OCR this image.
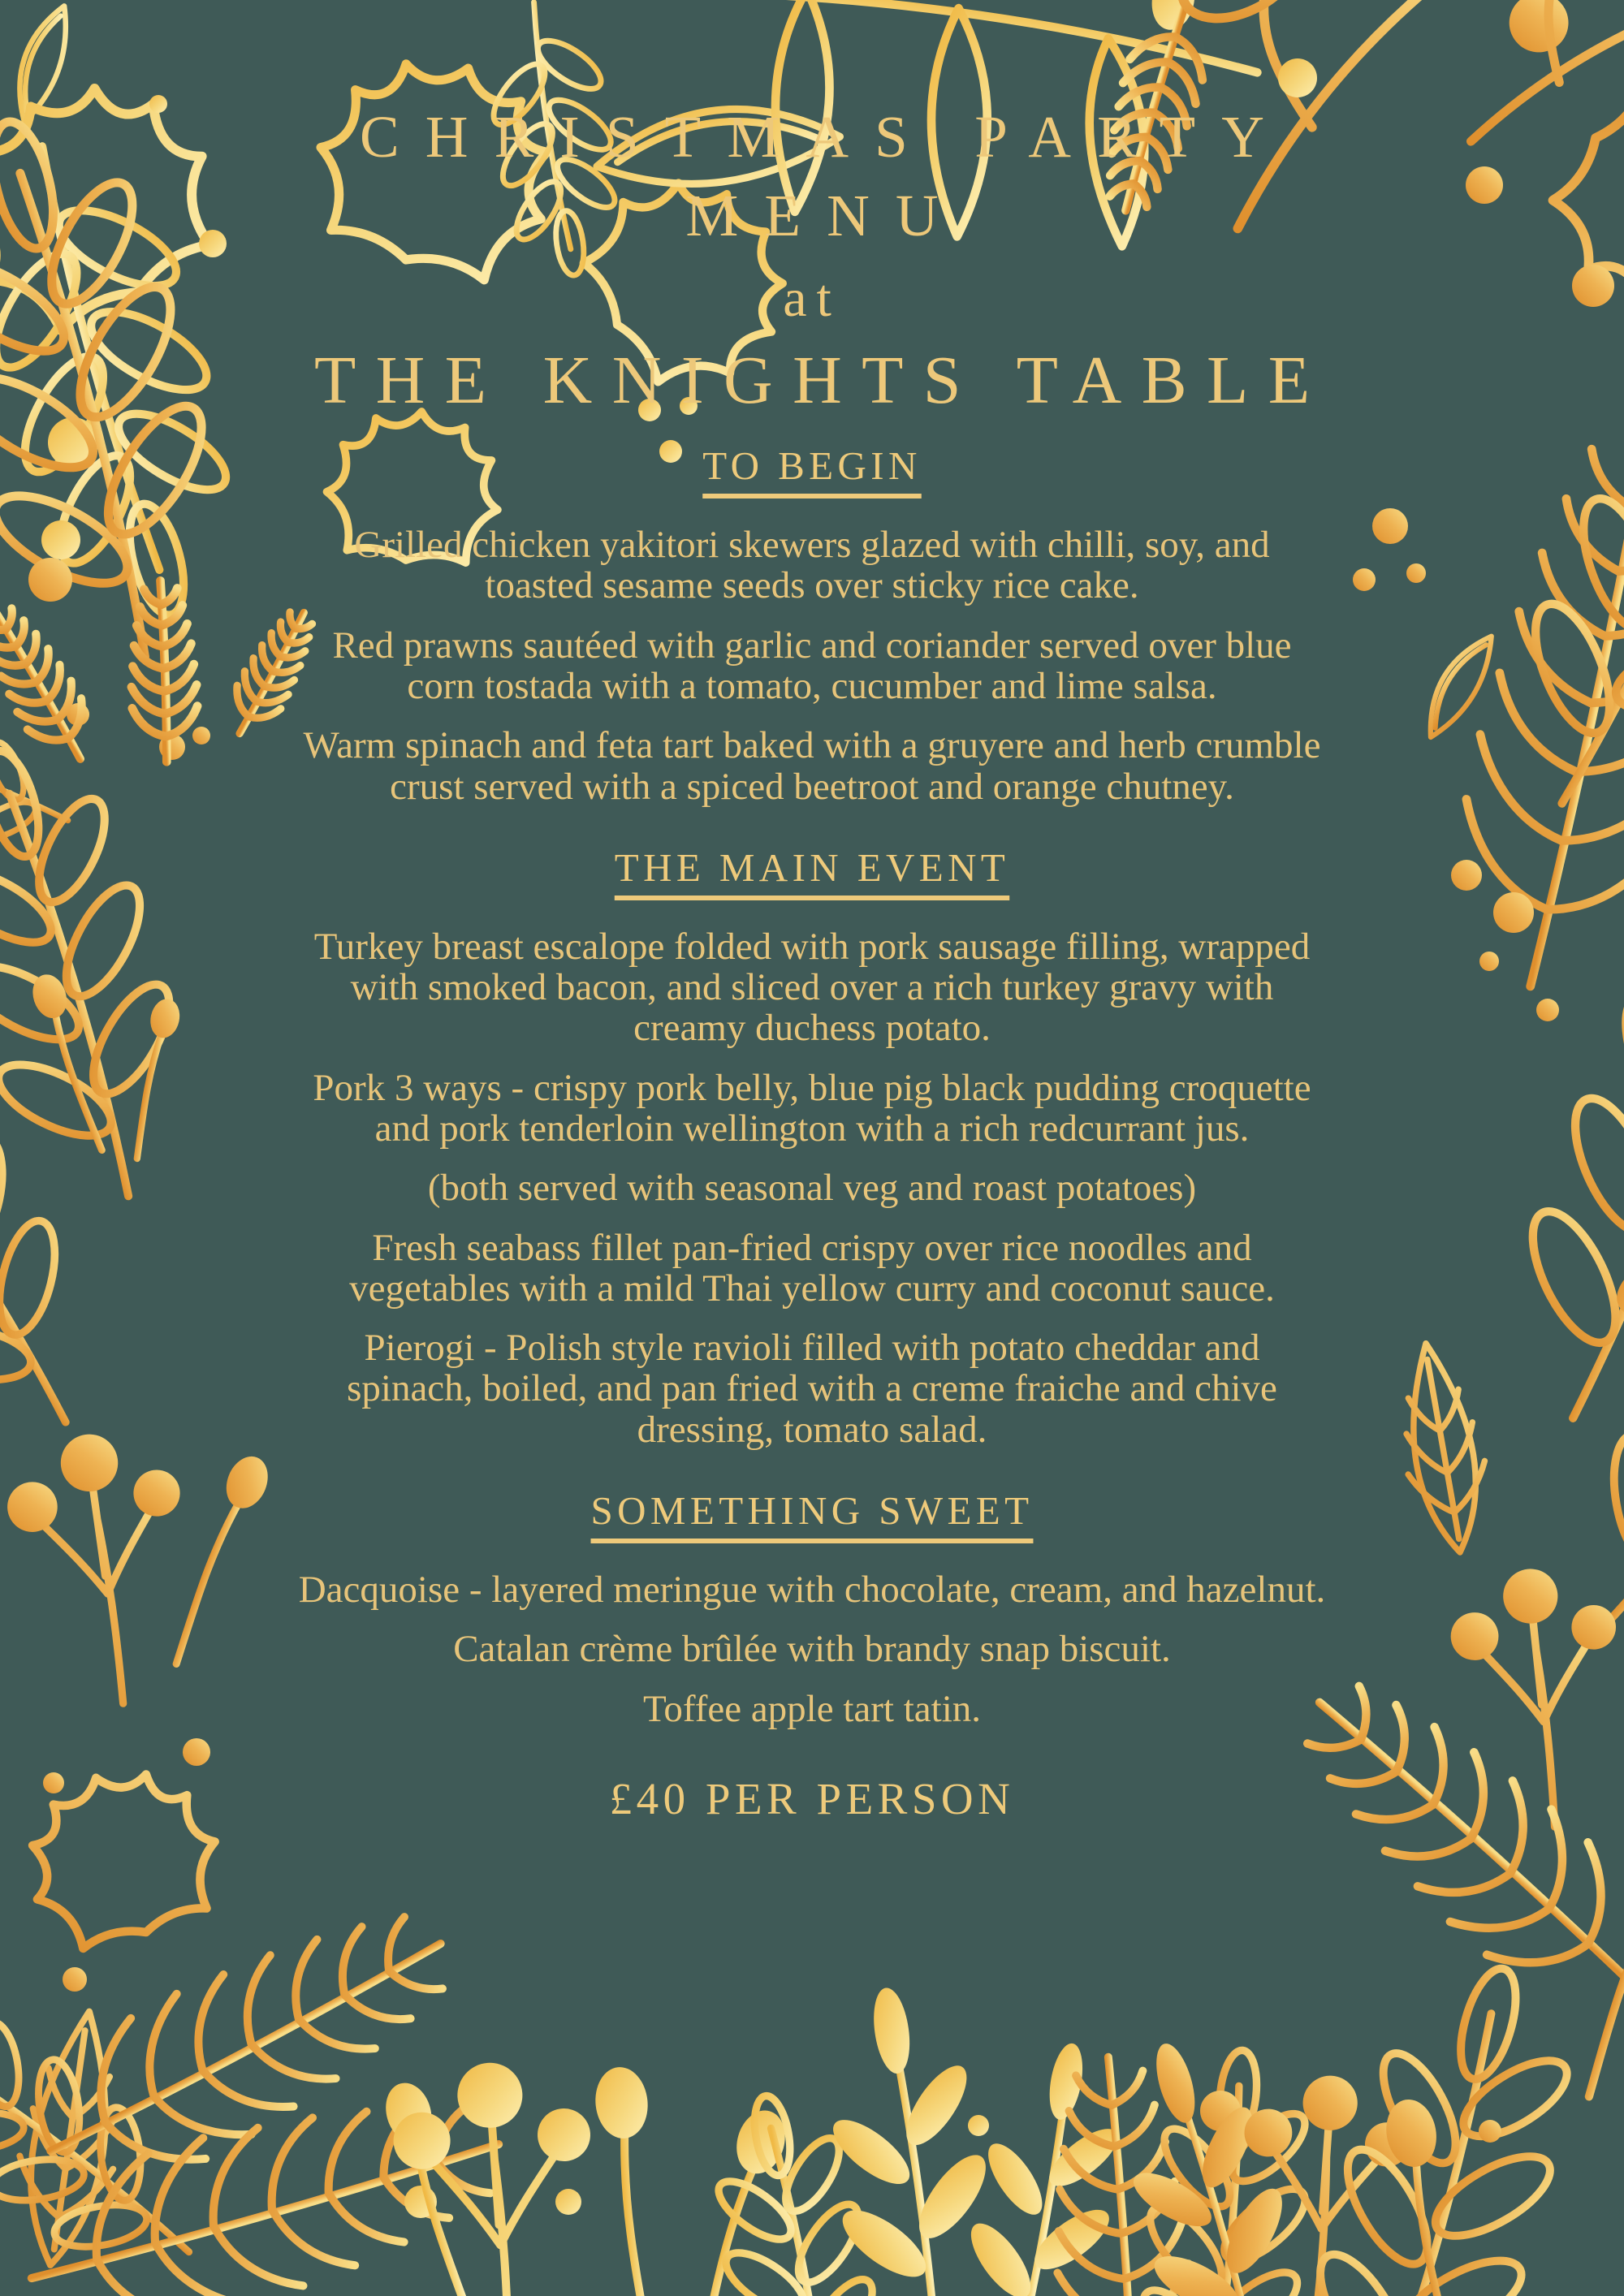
CHRISTMAS PARTY
MENU
at
THE KNIGHTS TABLE
TO BEGIN

Grilled chicken yakitori skewers glazed with chilli, soy, and toasted sesame seeds over sticky rice cake.

Red prawns sautéed with garlic and coriander served over blue corn tostada with a tomato, cucumber and lime salsa.

Warm spinach and feta tart baked with a gruyere and herb crumble crust served with a spiced beetroot and orange chutney.

THE MAIN EVENT

Turkey breast escalope folded with pork sausage filling, wrapped with smoked bacon, and sliced over a rich turkey gravy with creamy duchess potato.

Pork 3 ways - crispy pork belly, blue pig black pudding croquette and pork tenderloin wellington with a rich redcurrant jus.

(both served with seasonal veg and roast potatoes)

Fresh seabass fillet pan-fried crispy over rice noodles and vegetables with a mild Thai yellow curry and coconut sauce.

Pierogi - Polish style ravioli filled with potato cheddar and spinach, boiled, and pan fried with a creme fraiche and chive dressing, tomato salad.

SOMETHING SWEET

Dacquoise - layered meringue with chocolate, cream, and hazelnut.

Catalan crème brûlée with brandy snap biscuit.

Toffee apple tart tatin.

£40 PER PERSON
